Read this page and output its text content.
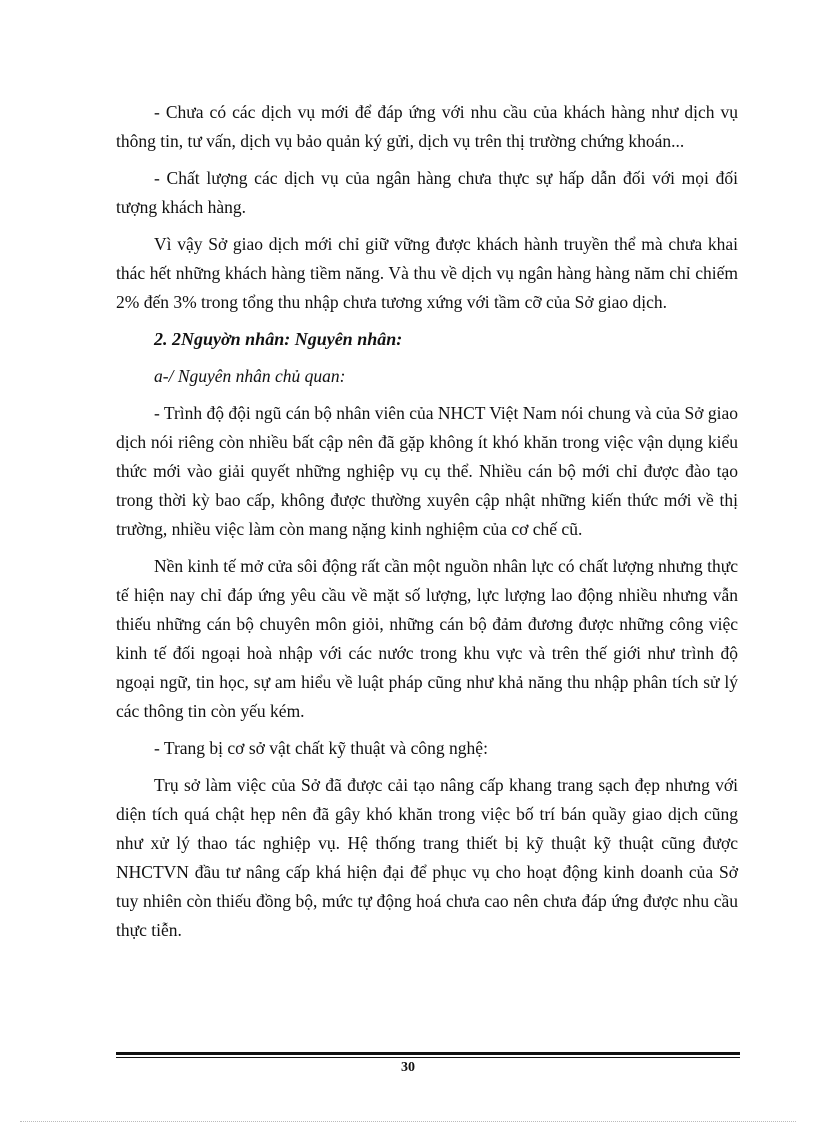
- Chưa có các dịch vụ mới để đáp ứng với nhu cầu của khách hàng như dịch vụ thông tin, tư vấn, dịch vụ bảo quản ký gửi, dịch vụ trên thị trường chứng khoán...

- Chất lượng các dịch vụ của ngân hàng chưa thực sự hấp dẫn đối với mọi đối tượng khách hàng.

Vì vậy Sở giao dịch mới chỉ giữ vững được khách hành truyền thể mà chưa khai thác hết những khách hàng tiềm năng. Và thu về dịch vụ ngân hàng hàng năm chỉ chiếm 2% đến 3% trong tổng thu nhập chưa tương xứng với tầm cỡ của Sở giao dịch.

2. 2Nguyờn nhân: Nguyên nhân:

a-/ Nguyên nhân chủ quan:

- Trình độ đội ngũ cán bộ nhân viên của NHCT Việt Nam nói chung và của Sở giao dịch nói riêng còn nhiều bất cập nên đã gặp không ít khó khăn trong việc vận dụng kiểu thức mới vào giải quyết những nghiệp vụ cụ thể. Nhiều cán bộ mới chỉ được đào tạo trong thời kỳ bao cấp, không được thường xuyên cập nhật những kiến thức mới về thị trường, nhiều việc làm còn mang nặng kinh nghiệm của cơ chế cũ.

Nền kinh tế mở cửa sôi động rất cần một nguồn nhân lực có chất lượng nhưng thực tế hiện nay chỉ đáp ứng yêu cầu về mặt số lượng, lực lượng lao động nhiều nhưng vẫn thiếu những cán bộ chuyên môn giỏi, những cán bộ đảm đương được những công việc kinh tế đối ngoại hoà nhập với các nước trong khu vực và trên thế giới như trình độ ngoại ngữ, tin học, sự am hiểu về luật pháp cũng như khả năng thu nhập phân tích sử lý các thông tin còn yếu kém.

- Trang bị cơ sở vật chất kỹ thuật và công nghệ:

Trụ sở làm việc của Sở đã được cải tạo nâng cấp khang trang sạch đẹp nhưng với diện tích quá chật hẹp nên đã gây khó khăn trong việc bố trí bán quầy giao dịch cũng như xử lý thao tác nghiệp vụ. Hệ thống trang thiết bị kỹ thuật kỹ thuật cũng được NHCTVN đầu tư nâng cấp khá hiện đại để phục vụ cho hoạt động kinh doanh của Sở tuy nhiên còn thiếu đồng bộ, mức tự động hoá chưa cao nên chưa đáp ứng được nhu cầu thực tiễn.

30
